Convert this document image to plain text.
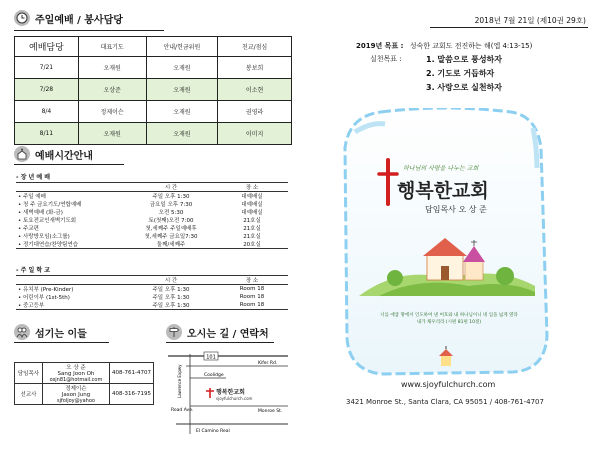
주일예배 / 봉사담당
예배담당	대표기도	안내/헌금위원	친교/점심
7/21	오재원	오재원	봉보희
7/28	오상준	오재원	이소현
8/4	정제이슨	오재원	권영라
8/11	오재원	오재원	이미지
예배시간안내
- 장 년 예 배
	시 간	장 소
• 주일 예배	주일 오후 1:30	대예배실
• 청 주 금요기도/연합예배	금요일 오후 7:30	대예배실
• 새벽예배 (화-금)	오전 5:30	대예배실
• 토요전교인새벽기도회	토(첫째)오전 7:00	21호실
• 주교편	첫,세째주 주일예배후	21호실
• 사랑방모임(소그룹)	첫,세째주 금요일7:30	21호실
• 정기대연습/찬양팀연습	둘째/세째주	20호실
- 주 일 학 교
	시 간	장 소
• 유치부 (Pre-Kinder)	주일 오후 1:30	Room 18
• 어린이부 (1st-5th)	주일 오후 1:30	Room 18
• 중고등부	주일 오후 1:30	Room 18
섬기는 이들
담임목사	오 상 준	408-761-4707
	Sang Joon Oh	
	osjn81@hotmail.com	
선교사	정제이슨	408-316-7195
	Jason Jung	
	sjfoljoy@yahoo	
오시는 길 / 연락처
101
Kifer Rd.
Lawrence Expwy	Coolidge
Road Ave.	Monroe St.
El Camino Real
행복한교회
sjoyfulchurch.com
2018년 7월 21일 (제10권 29호)
2019년 목표 : 성숙한 교회도 전진하는 해(엡 4:13-15)
실천목표 :	1. 말씀으로 풍성하자
2. 기도로 거듭하자
3. 사랑으로 실천하자
하나님의 사랑을 나누는 교회
행복한교회
담임목사 오 상 준
너를 애굽 땅에서 인도하여 낸 여호와 내 하나님이니 네 입을 넓게 열라 내가 채우리라 (시편 81편 10절)
www.sjoyfulchurch.com
3421 Monroe St., Santa Clara, CA 95051 / 408-761-4707
